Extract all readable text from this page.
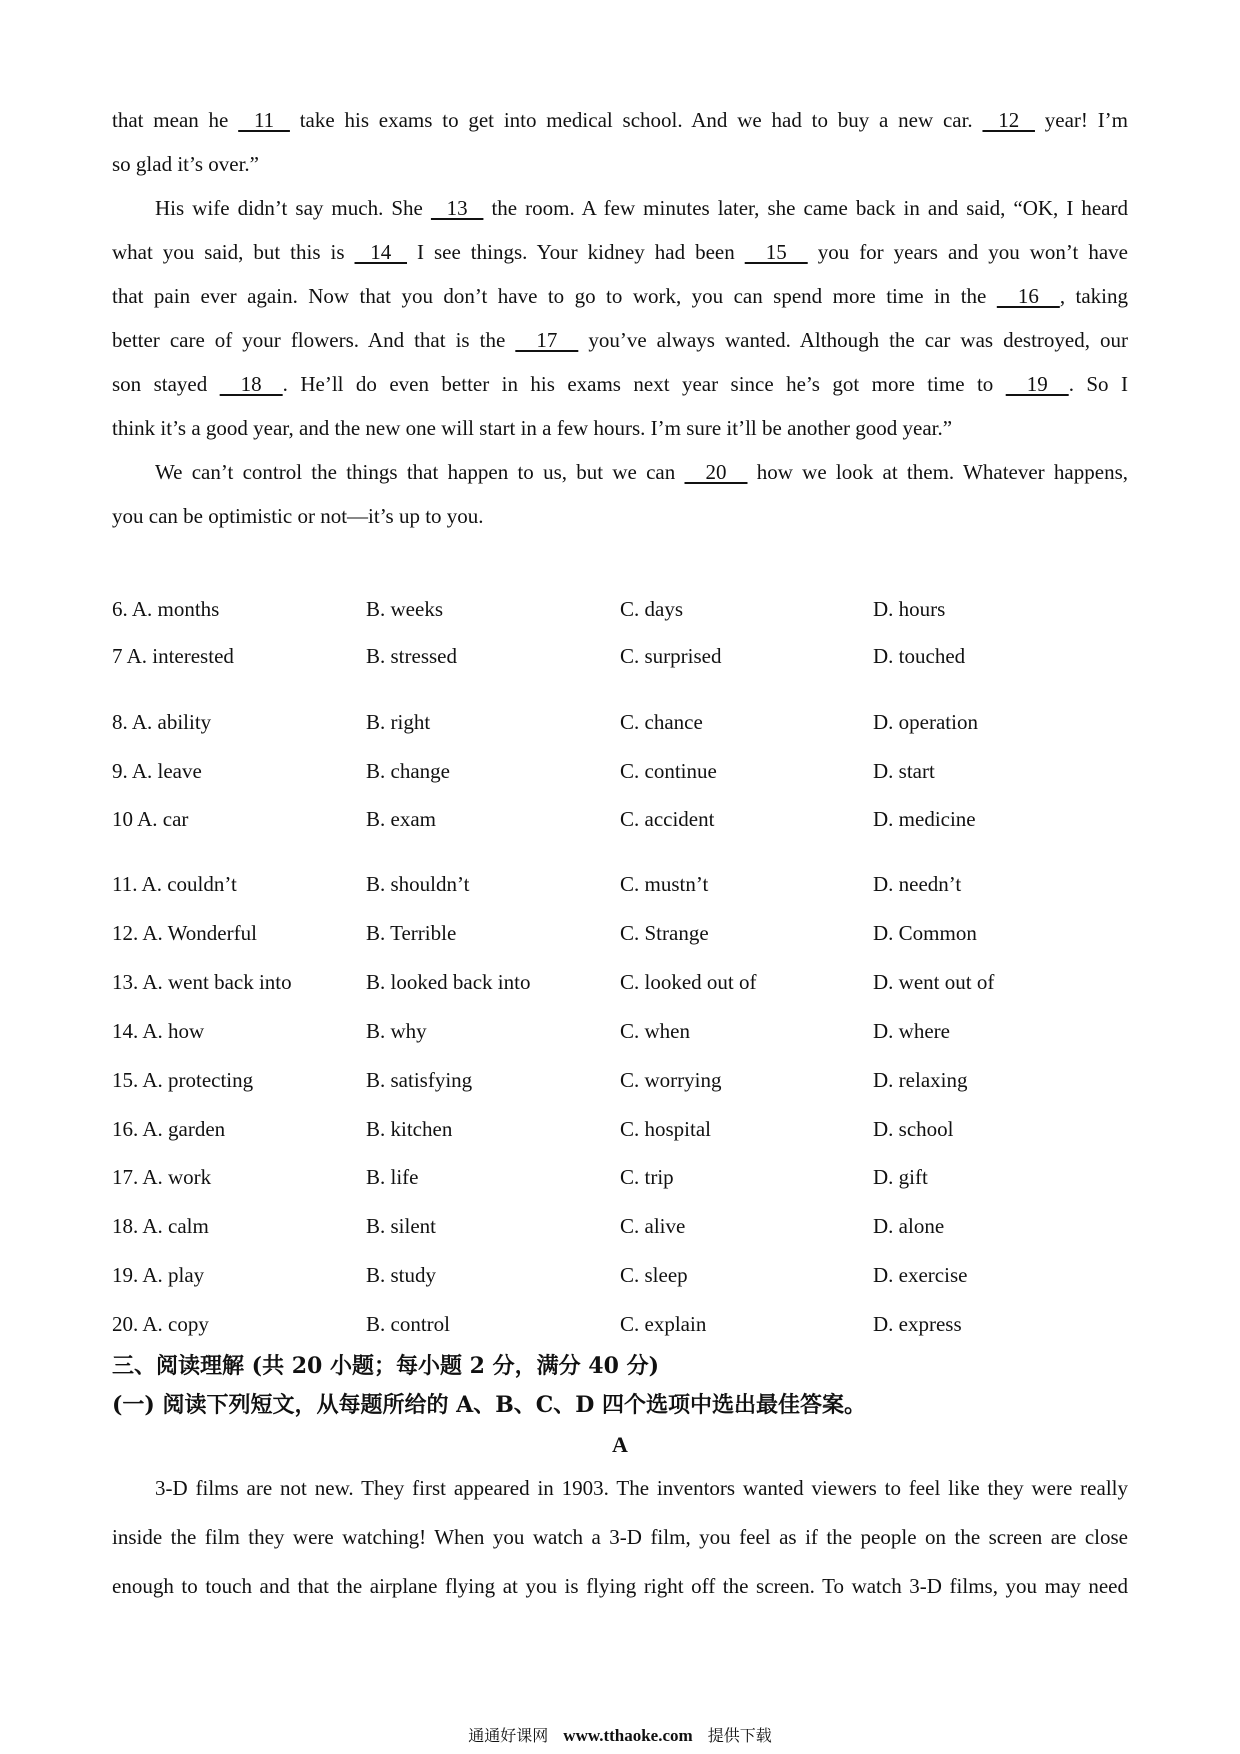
that mean he    11    take his exams to get into medical school. And we had to buy a new car.    12    year! I’m
so glad it’s over.”
His wife didn’t say much. She    13    the room. A few minutes later, she came back in and said, “OK, I heard
what you said, but this is    14    I see things. Your kidney had been     15     you for years and you won’t have
that pain ever again. Now that you don’t have to go to work, you can spend more time in the     16    , taking
better care of your flowers. And that is the     17     you’ve always wanted. Although the car was destroyed, our
son stayed     18    . He’ll do even better in his exams next year since he’s got more time to     19    . So I
think it’s a good year, and the new one will start in a few hours. I’m sure it’ll be another good year.”
We can’t control the things that happen to us, but we can     20     how we look at them. Whatever happens,
you can be optimistic or not—it’s up to you.
6. A. months	B. weeks	C. days	D. hours
7 A. interested	B. stressed	C. surprised	D. touched
8. A. ability	B. right	C. chance	D. operation
9. A. leave	B. change	C. continue	D. start
10 A. car	B. exam	C. accident	D. medicine
11. A. couldn’t	B. shouldn’t	C. mustn’t	D. needn’t
12. A. Wonderful	B. Terrible	C. Strange	D. Common
13. A. went back into	B. looked back into	C. looked out of	D. went out of
14. A. how	B. why	C. when	D. where
15. A. protecting	B. satisfying	C. worrying	D. relaxing
16. A. garden	B. kitchen	C. hospital	D. school
17. A. work	B. life	C. trip	D. gift
18. A. calm	B. silent	C. alive	D. alone
19. A. play	B. study	C. sleep	D. exercise
20. A. copy	B. control	C. explain	D. express
三、阅读理解 (共 20 小题；每小题 2 分，满分 40 分)
(一) 阅读下列短文，从每题所给的 A、B、C、D 四个选项中选出最佳答案。
A
3-D films are not new. They first appeared in 1903. The inventors wanted viewers to feel like they were really
inside the film they were watching! When you watch a 3-D film, you feel as if the people on the screen are close
enough to touch and that the airplane flying at you is flying right off the screen. To watch 3-D films, you may need
通通好课网 www.tthaoke.com 提供下载
